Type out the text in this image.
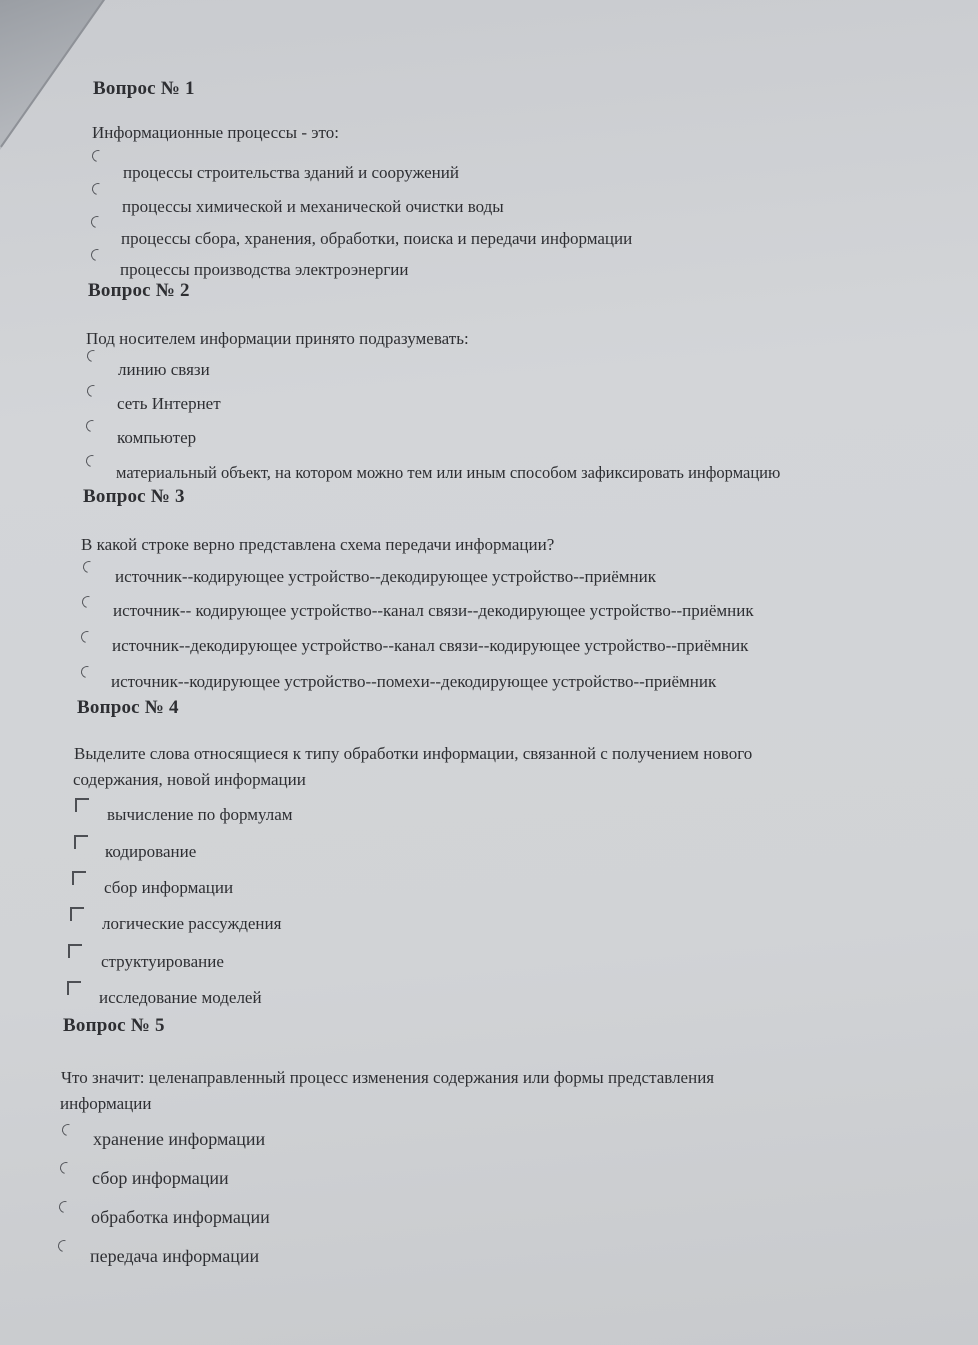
Вопрос № 1
Информационные процессы - это:
процессы строительства зданий и сооружений
процессы химической и механической очистки воды
процессы сбора, хранения, обработки, поиска и передачи информации
процессы производства электроэнергии
Вопрос № 2
Под носителем информации принято подразумевать:
линию связи
сеть Интернет
компьютер
материальный объект, на котором можно тем или иным способом зафиксировать информацию
Вопрос № 3
В какой строке верно представлена схема передачи информации?
источник--кодирующее устройство--декодирующее устройство--приёмник
источник-- кодирующее устройство--канал связи--декодирующее устройство--приёмник
источник--декодирующее устройство--канал связи--кодирующее устройство--приёмник
источник--кодирующее устройство--помехи--декодирующее устройство--приёмник
Вопрос № 4
Выделите слова относящиеся к типу обработки информации, связанной с получением нового
содержания, новой информации
вычисление по формулам
кодирование
сбор информации
логические рассуждения
структуирование
исследование моделей
Вопрос № 5
Что значит: целенаправленный процесс изменения содержания или формы представления
информации
хранение информации
сбор информации
обработка информации
передача информации
